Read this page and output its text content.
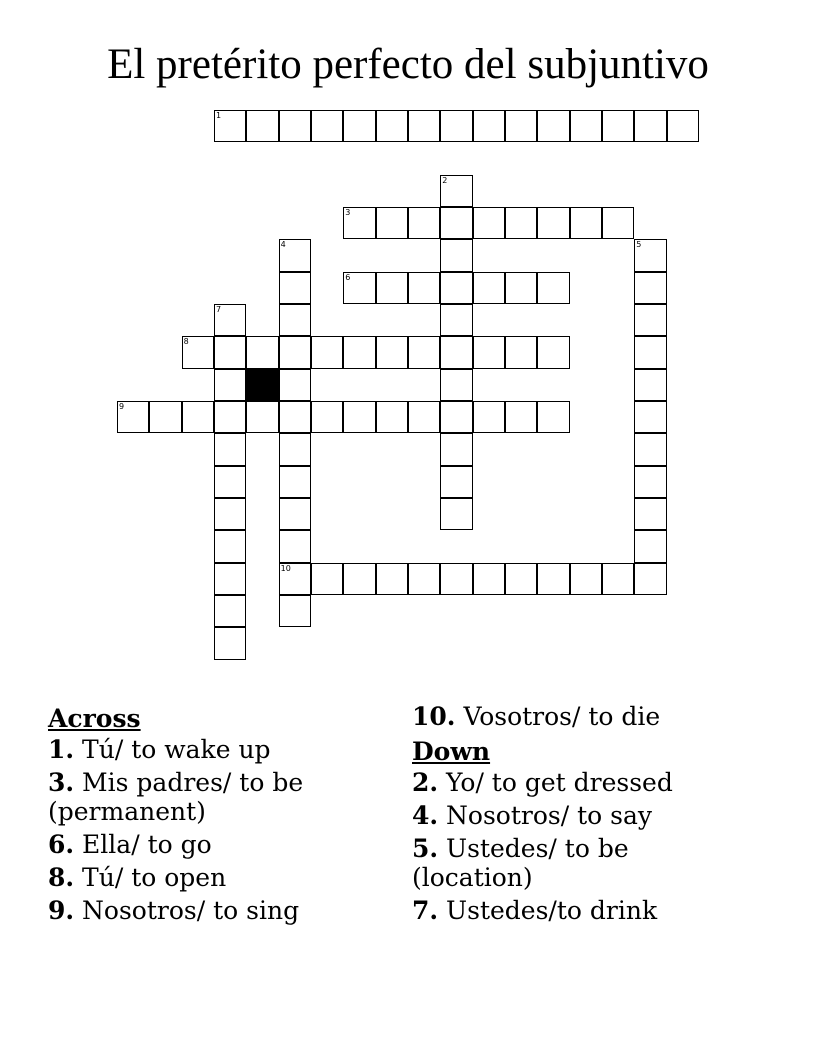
El pretérito perfecto del subjuntivo
1
2
3
4
10
5
6
7
8
9
Across
1. Tú/ to wake up
3. Mis padres/ to be (permanent)
6. Ella/ to go
8. Tú/ to open
9. Nosotros/ to sing
10. Vosotros/ to die
Down
2. Yo/ to get dressed
4. Nosotros/ to say
5. Ustedes/ to be (location)
7. Ustedes/to drink
